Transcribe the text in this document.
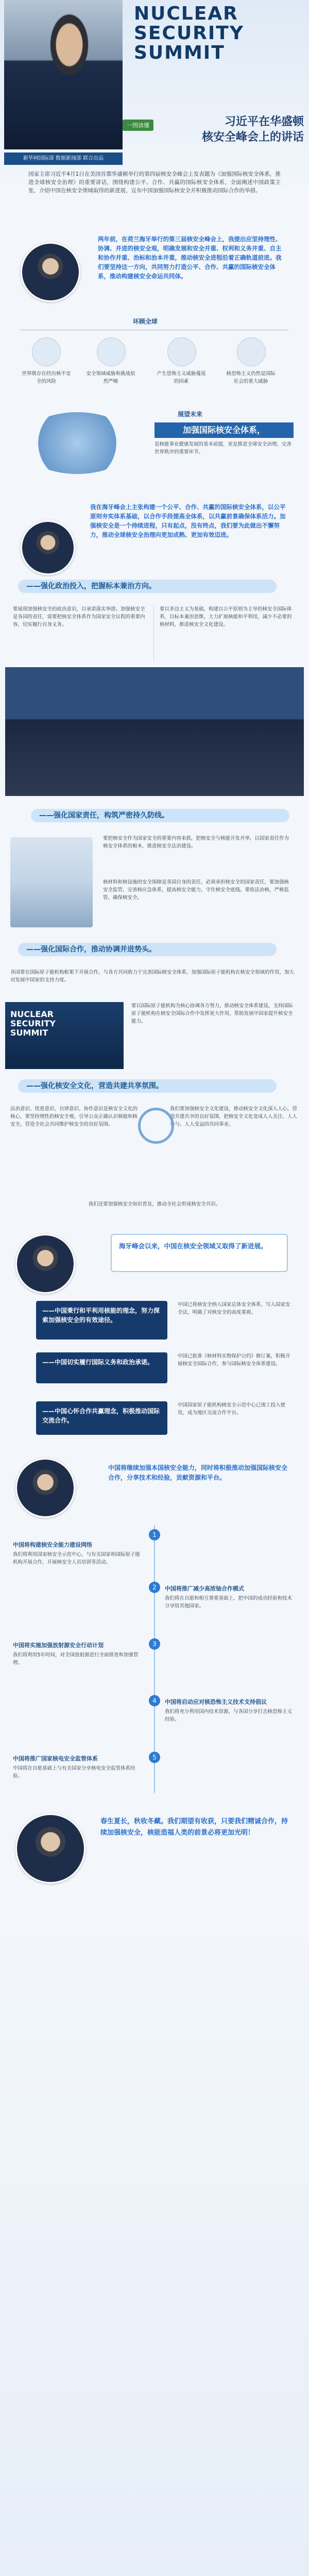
NUCLEAR
SECURITY
SUMMIT
一图读懂	习近平在华盛顿
核安全峰会上的讲话
新华网国际部 数据新闻部 联合出品
国家主席习近平4月1日在美国首都华盛顿举行的第四届核安全峰会上发表题为《加强国际核安全体系，推进全球核安全治理》的重要讲话，围绕构建公平、合作、共赢的国际核安全体系，全面阐述中国政策主张，介绍中国在核安全领域取得的新进展，宣布中国加强国际核安全并积极推动国际合作的举措。
两年前，在荷兰海牙举行的第三届核安全峰会上，我提出应坚持理性、协调、并进的核安全观，明确发展和安全并重、权利和义务并重、自主和协作并重、治标和治本并重，推动核安全进程沿着正确轨道前进。我们要坚持这一方向，共同努力打造公平、合作、共赢的国际核安全体系，推动构建核安全命运共同体。
环顾全球
世界既存在经历核不安全的风险
安全领域威胁和挑战依然严峻
产生恐怖主义威胁蔓延的因素
核恐怖主义仍然是国际社会的重大威胁
展望未来
加强国际核安全体系，
是核能事业健康发展的基本前提，更是推进全球安全治理、完善世界秩序的重要环节。
我在海牙峰会上主张构建一个公平、合作、共赢的国际核安全体系，以公平原则夯实体系基础，以合作手段提高全体系，以共赢前景确保体系活力。加强核安全是一个持续进程，只有起点，没有终点，我们要为此做出不懈努力，推动全球核安全治理向更加成熟、更加有效迈进。
——强化政治投入，把握标本兼治方向。
要展现加强核安全的政治意识，以承诺落实举措。加强核安全是各国的责任，需要把核安全体系作为国家安全议程的重要内容，切实履行自身义务。
要以多边主义为基础，构建以公平原则为主导的核安全国际体系，以标本兼治思维，大力扩展核能和平利用，减少不必要的核材料，推进核安全文化建设。
——强化国家责任，构筑严密持久防线。
要把核安全作为国家安全的重要内容来抓，把核安全与核能开发并举，以国家责任作为核安全体系的根本，推进核安全法治建设。
核材料和核设施的安全保障是各国自身的责任，必须承担核安全的国家责任，要加强核安全监管，完善核应急体系，提高核安全能力，守住核安全底线。要依法治核，严格监管，确保核安全。
——强化国际合作，推动协调并进势头。
各国要在国际原子能机构框架下开展合作，与各方共同致力于完善国际核安全体系，加强国际原子能机构在核安全领域的作用，加大对发展中国家的支持力度。
NUCLEAR
SECURITY
SUMMIT
要以国际原子能机构为核心协调各方努力，推动核安全体系建设，支持国际原子能机构在核安全国际合作中发挥更大作用，帮助发展中国家提升核安全能力。
——强化核安全文化，营造共建共享氛围。
法治意识、忧患意识、自律意识、协作意识是核安全文化的核心，要坚持理性的核安全观，引导公众正确认识核能和核安全，营造全社会共同维护核安全的良好氛围。
我们要加强核安全文化建设，推动核安全文化深入人心，营造共建共享的良好氛围，把核安全文化变成人人关注、人人参与、人人受益的共同事业。
我们还要加强核安全知识普及，推动全社会形成核安全共识。
海牙峰会以来，中国在核安全领域又取得了新进展。
——中国秉行和平利用核能的理念，努力探索加强核安全的有效途径。
中国已将核安全纳入国家总体安全体系，写入国家安全法，明确了对核安全的高度重视。
——中国切实履行国际义务和政治承诺。
中国已批准《核材料实物保护公约》修订案，积极开展核安全国际合作，参与国际核安全体系建设。
——中国心怀合作共赢理念，积极推动国际交流合作。
中国国家原子能机构核安全示范中心已竣工投入使用，成为地区交流合作平台。
中国将继续加强本国核安全能力，同时将积极推动加强国际核安全合作，分享技术和经验，贡献资源和平台。
1
中国将构建核安全能力建设网络
我们将利用国家核安全示范中心，与有关国家和国际原子能机构开展合作，开展核安全人员培训等活动。
2	中国将推广减少高浓铀合作模式
我们将在自愿和相互尊重基础上，把中国的成功经验和技术分享给其他国家。
3
中国将实施加强放射源安全行动计划
我们将利用5年时间，对全国放射源进行全面排查和加强管理。
4	中国将启动应对核恐怖主义技术支持倡议
我们将充分利用国内技术资源，与各国分享打击核恐怖主义经验。
5
中国将推广国家核电安全监管体系
中国将在自愿基础上与有关国家分享核电安全监管体系经验。
春生夏长，秋收冬藏。我们期望有收获，只要我们精诚合作，持续加强核安全，核能造福人类的前景必将更加光明！
